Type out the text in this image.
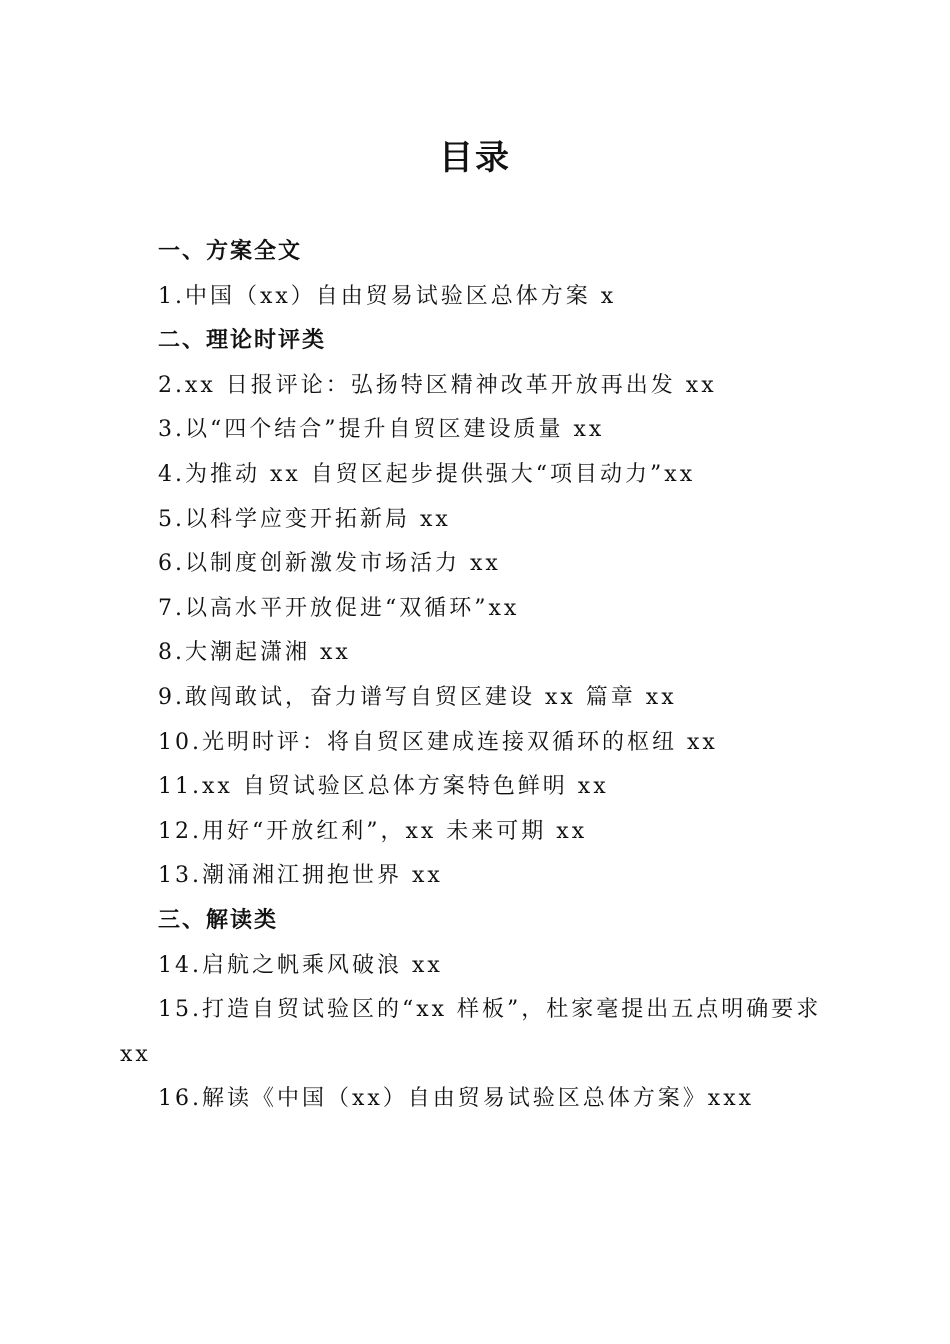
目录
一、方案全文
1.中国（xx）自由贸易试验区总体方案 x
二、理论时评类
2.xx 日报评论：弘扬特区精神改革开放再出发 xx
3.以“四个结合”提升自贸区建设质量 xx
4.为推动 xx 自贸区起步提供强大“项目动力”xx
5.以科学应变开拓新局 xx
6.以制度创新激发市场活力 xx
7.以高水平开放促进“双循环”xx
8.大潮起潇湘 xx
9.敢闯敢试，奋力谱写自贸区建设 xx 篇章 xx
10.光明时评：将自贸区建成连接双循环的枢纽 xx
11.xx 自贸试验区总体方案特色鲜明 xx
12.用好“开放红利”，xx 未来可期 xx
13.潮涌湘江拥抱世界 xx
三、解读类
14.启航之帆乘风破浪 xx
15.打造自贸试验区的“xx 样板”，杜家毫提出五点明确要求 xx
16.解读《中国（xx）自由贸易试验区总体方案》xxx
